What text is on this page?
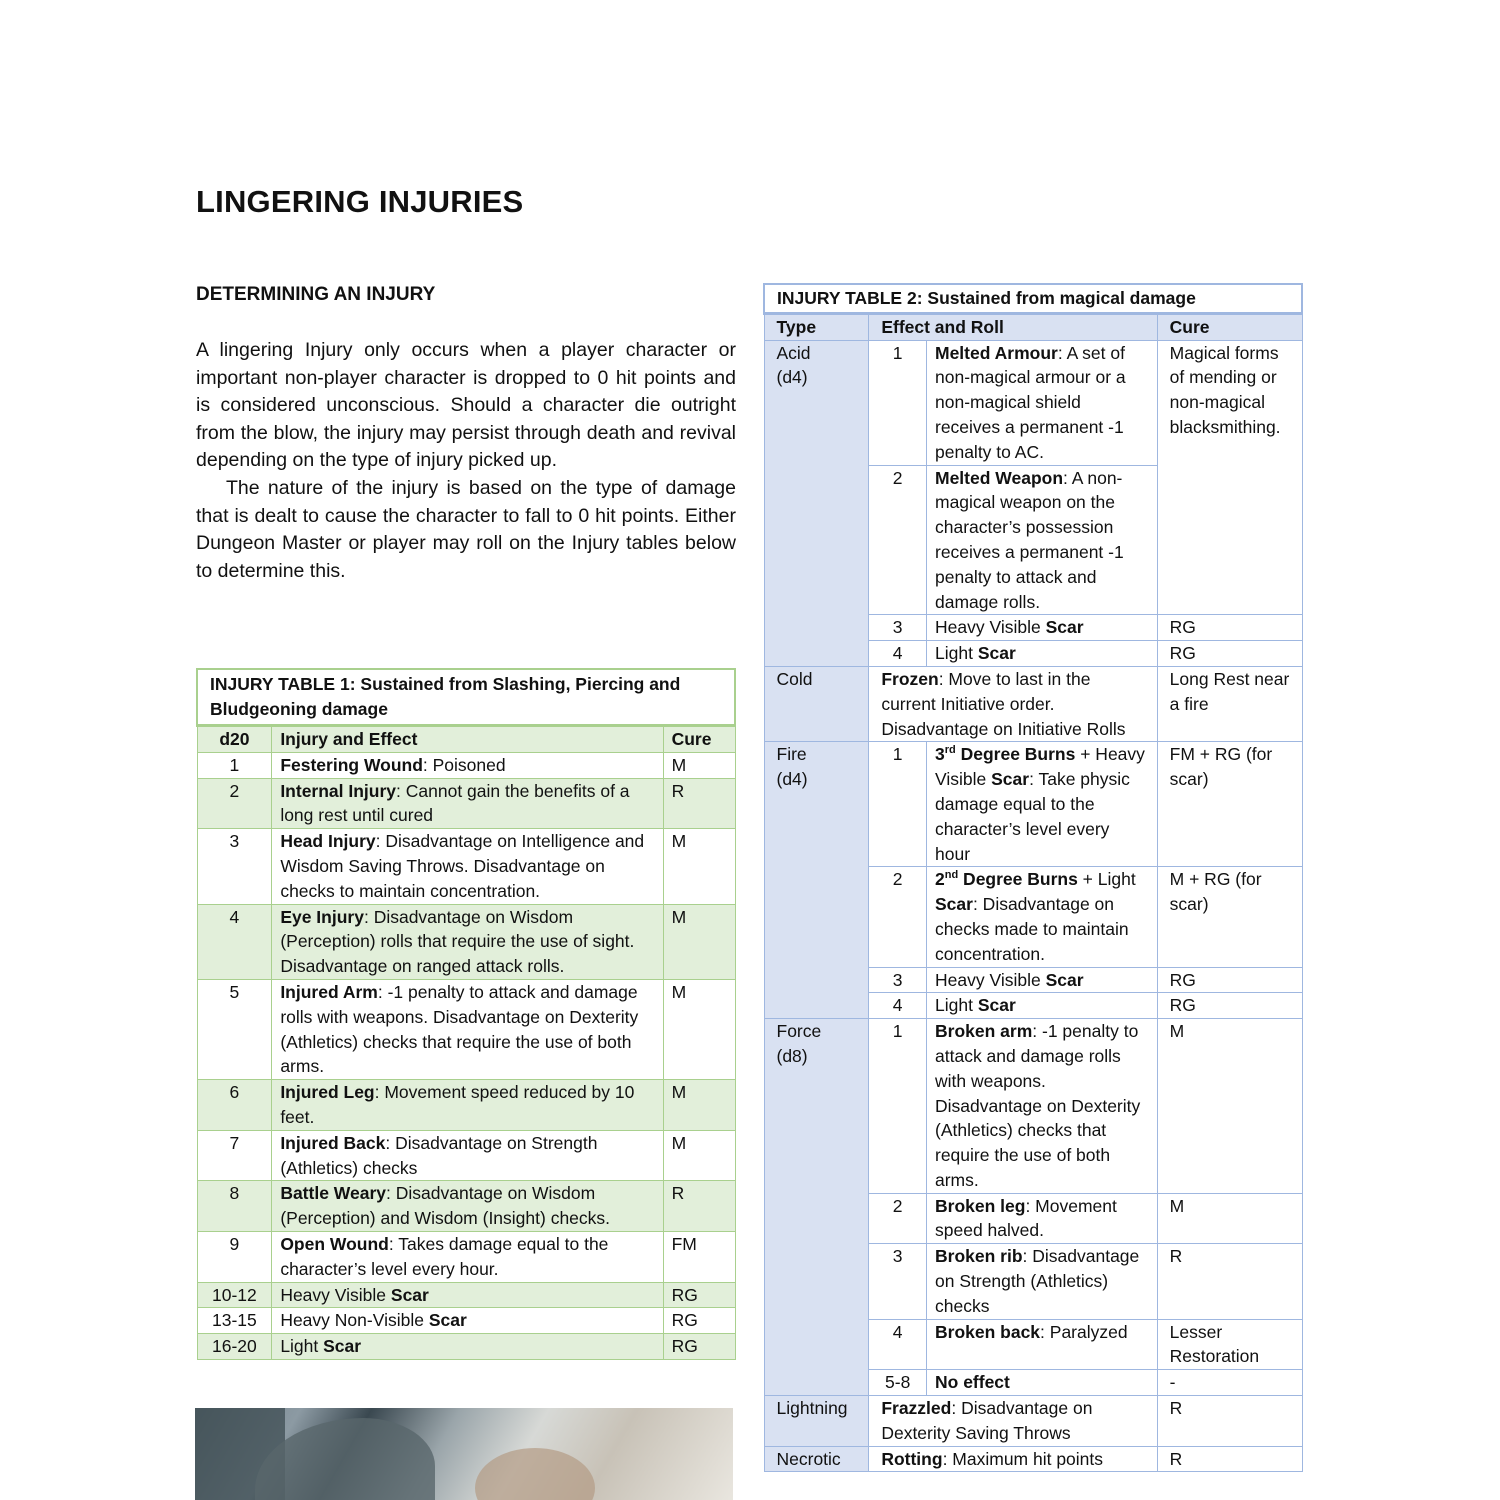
LINGERING INJURIES
DETERMINING AN INJURY

A lingering Injury only occurs when a player character or important non-player character is dropped to 0 hit points and is considered unconscious. Should a character die outright from the blow, the injury may persist through death and revival depending on the type of injury picked up.

The nature of the injury is based on the type of damage that is dealt to cause the character to fall to 0 hit points. Either Dungeon Master or player may roll on the Injury tables below to determine this.

INJURY TABLE 1: Sustained from Slashing, Piercing and Bludgeoning damage		
d20	Injury and Effect	Cure
1	Festering Wound: Poisoned	M
2	Internal Injury: Cannot gain the benefits of a long rest until cured	R
3	Head Injury: Disadvantage on Intelligence and Wisdom Saving Throws. Disadvantage on checks to maintain concentration.	M
4	Eye Injury: Disadvantage on Wisdom (Perception) rolls that require the use of sight. Disadvantage on ranged attack rolls.	M
5	Injured Arm: -1 penalty to attack and damage rolls with weapons. Disadvantage on Dexterity (Athletics) checks that require the use of both arms.	M
6	Injured Leg: Movement speed reduced by 10 feet.	M
7	Injured Back: Disadvantage on Strength (Athletics) checks	M
8	Battle Weary: Disadvantage on Wisdom (Perception) and Wisdom (Insight) checks.	R
9	Open Wound: Takes damage equal to the character’s level every hour.	FM
10-12	Heavy Visible Scar	RG
13-15	Heavy Non-Visible Scar	RG
16-20	Light Scar	RG
INJURY TABLE 2: Sustained from magical damage			
Type	Effect and Roll		Cure
Acid
(d4)	1	Melted Armour: A set of non-magical armour or a non-magical shield receives a permanent -1 penalty to AC.	Magical forms of mending or non-magical blacksmithing.
	2	Melted Weapon: A non-magical weapon on the character’s possession receives a permanent -1 penalty to attack and damage rolls.	
	3	Heavy Visible Scar	RG
	4	Light Scar	RG
Cold	Frozen: Move to last in the current Initiative order. Disadvantage on Initiative Rolls		Long Rest near a fire
Fire
(d4)	1	3rd Degree Burns + Heavy Visible Scar: Take physic damage equal to the character’s level every hour	FM + RG (for scar)
	2	2nd Degree Burns + Light Scar: Disadvantage on checks made to maintain concentration.	M + RG (for scar)
	3	Heavy Visible Scar	RG
	4	Light Scar	RG
Force
(d8)	1	Broken arm: -1 penalty to attack and damage rolls with weapons. Disadvantage on Dexterity (Athletics) checks that require the use of both arms.	M
	2	Broken leg: Movement speed halved.	M
	3	Broken rib: Disadvantage on Strength (Athletics) checks	R
	4	Broken back: Paralyzed	Lesser Restoration
	5-8	No effect	-
Lightning	Frazzled: Disadvantage on Dexterity Saving Throws		R
Necrotic	Rotting: Maximum hit points		R
